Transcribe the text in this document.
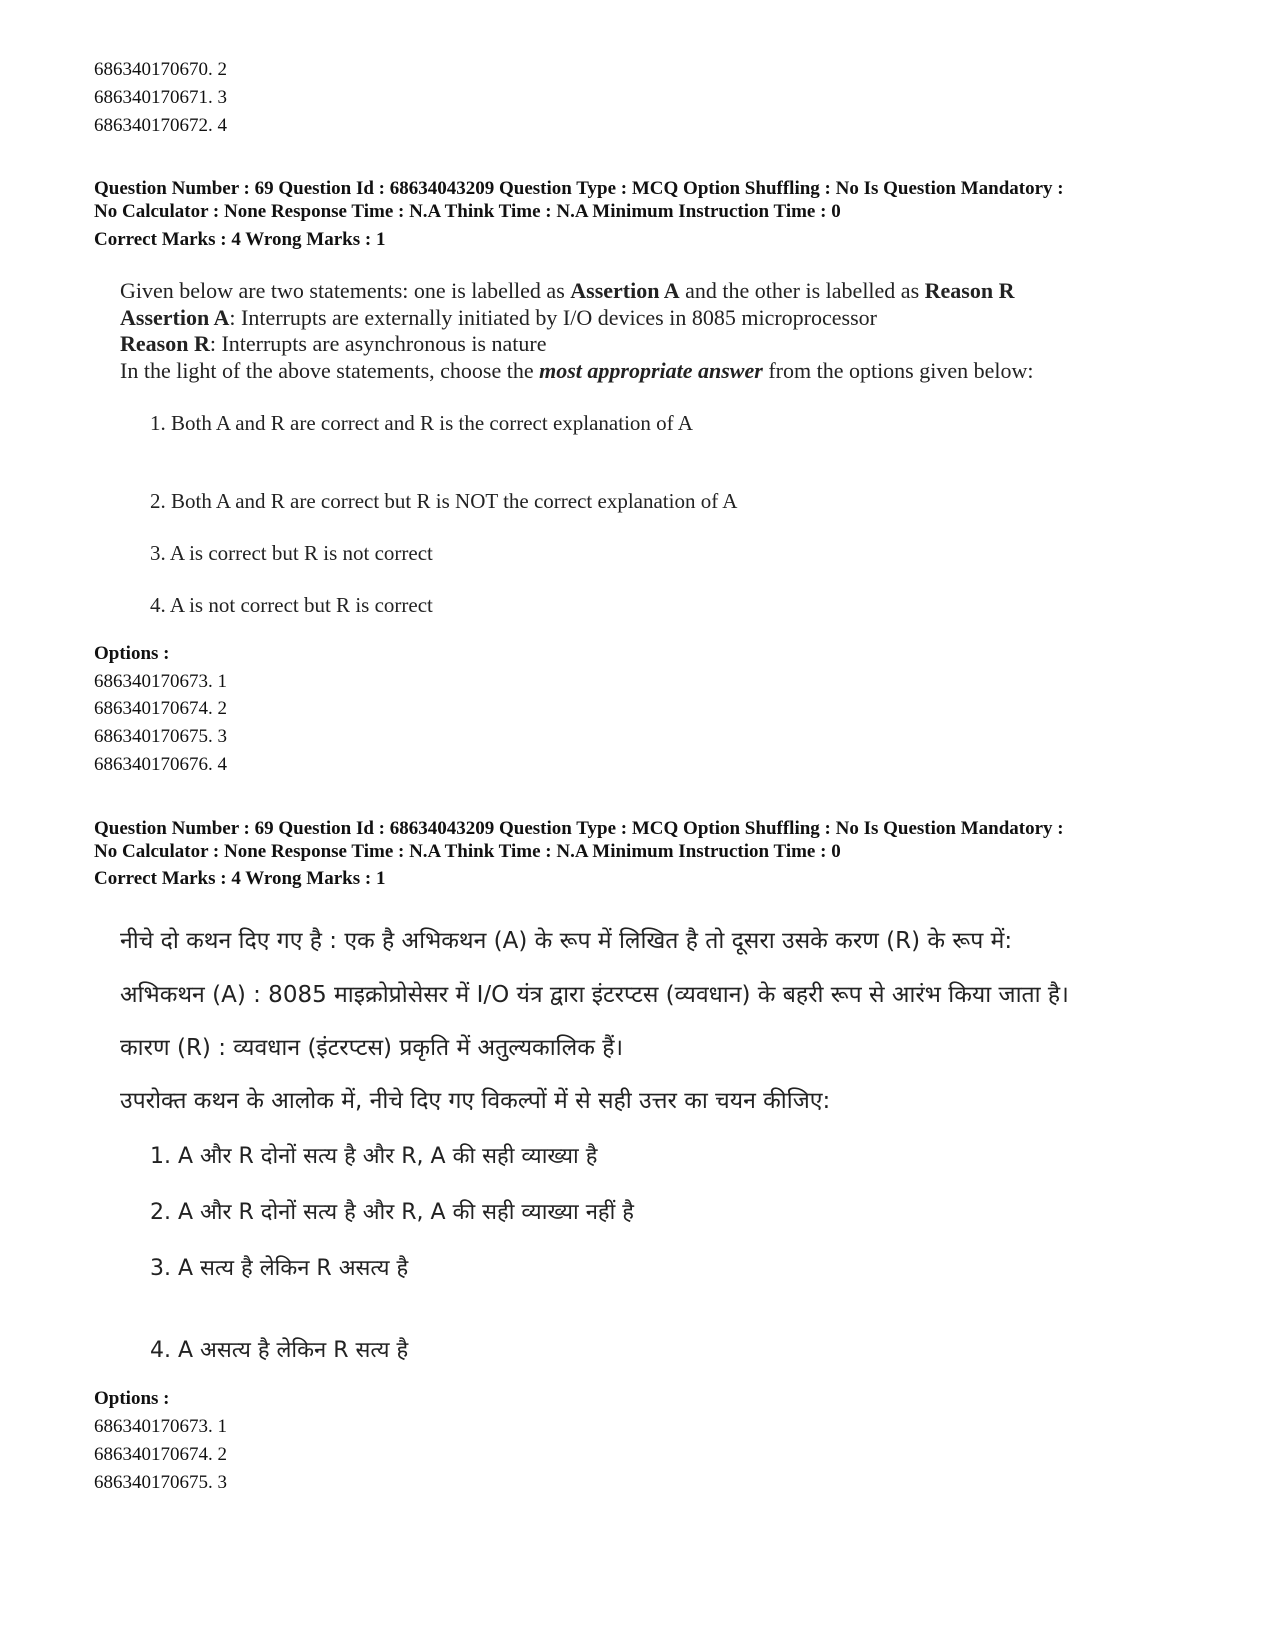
686340170670. 2
686340170671. 3
686340170672. 4
Question Number : 69 Question Id : 68634043209 Question Type : MCQ Option Shuffling : No Is Question Mandatory :
No Calculator : None Response Time : N.A Think Time : N.A Minimum Instruction Time : 0
Correct Marks : 4 Wrong Marks : 1
Given below are two statements: one is labelled as Assertion A and the other is labelled as Reason R
Assertion A: Interrupts are externally initiated by I/O devices in 8085 microprocessor
Reason R: Interrupts are asynchronous is nature
In the light of the above statements, choose the most appropriate answer from the options given below:
1. Both A and R are correct and R is the correct explanation of A
2. Both A and R are correct but R is NOT the correct explanation of A
3. A is correct but R is not correct
4. A is not correct but R is correct
Options :
686340170673. 1
686340170674. 2
686340170675. 3
686340170676. 4
Question Number : 69 Question Id : 68634043209 Question Type : MCQ Option Shuffling : No Is Question Mandatory :
No Calculator : None Response Time : N.A Think Time : N.A Minimum Instruction Time : 0
Correct Marks : 4 Wrong Marks : 1
नीचे दो कथन दिए गए है : एक है अभिकथन (A) के रूप में लिखित है तो दूसरा उसके करण (R) के रूप में:
अभिकथन (A) : 8085 माइक्रोप्रोसेसर में I/O यंत्र द्वारा इंटरप्टस (व्यवधान) के बहरी रूप से आरंभ किया जाता है।
कारण (R) : व्यवधान (इंटरप्टस) प्रकृति में अतुल्यकालिक हैं।
उपरोक्त कथन के आलोक में, नीचे दिए गए विकल्पों में से सही उत्तर का चयन कीजिए:
1. A और R दोनों सत्य है और R, A की सही व्याख्या है
2. A और R दोनों सत्य है और R, A की सही व्याख्या नहीं है
3. A सत्य है लेकिन R असत्य है
4. A असत्य है लेकिन R सत्य है
Options :
686340170673. 1
686340170674. 2
686340170675. 3
